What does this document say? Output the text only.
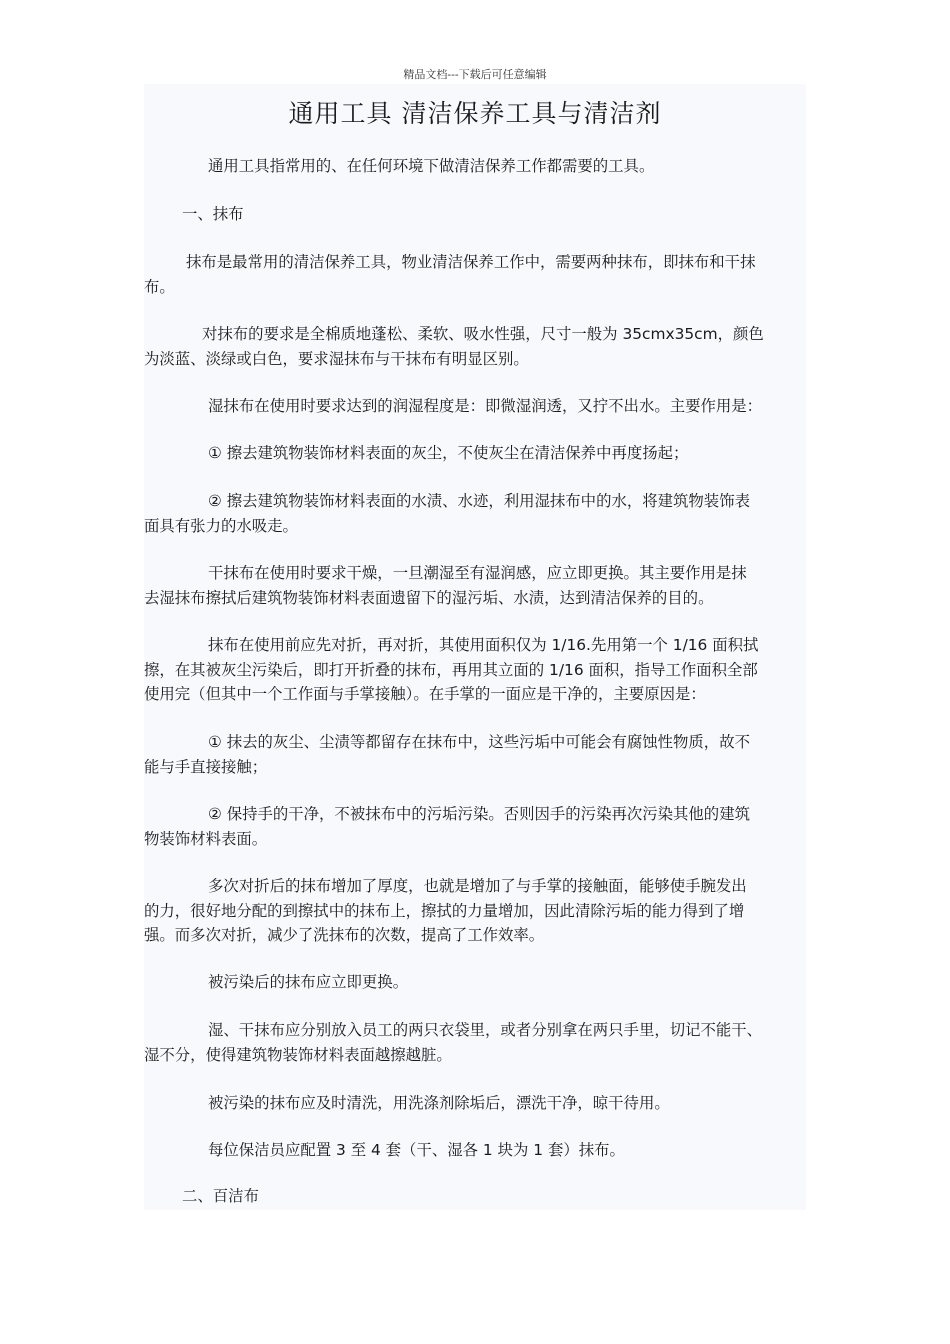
精品文档---下载后可任意编辑
通用工具 清洁保养工具与清洁剂
通用工具指常用的、在任何环境下做清洁保养工作都需要的工具。
一、抹布
抹布是最常用的清洁保养工具，物业清洁保养工作中，需要两种抹布，即抹布和干抹
布。
对抹布的要求是全棉质地蓬松、柔软、吸水性强，尺寸一般为 35cmx35cm，颜色
为淡蓝、淡绿或白色，要求湿抹布与干抹布有明显区别。
湿抹布在使用时要求达到的润湿程度是：即微湿润透，又拧不出水。主要作用是：
① 擦去建筑物装饰材料表面的灰尘，不使灰尘在清洁保养中再度扬起；
② 擦去建筑物装饰材料表面的水渍、水迹，利用湿抹布中的水，将建筑物装饰表
面具有张力的水吸走。
干抹布在使用时要求干燥，一旦潮湿至有湿润感，应立即更换。其主要作用是抹
去湿抹布擦拭后建筑物装饰材料表面遗留下的湿污垢、水渍，达到清洁保养的目的。
抹布在使用前应先对折，再对折，其使用面积仅为 1/16.先用第一个 1/16 面积拭
擦，在其被灰尘污染后，即打开折叠的抹布，再用其立面的 1/16 面积，指导工作面积全部
使用完（但其中一个工作面与手掌接触）。在手掌的一面应是干净的，主要原因是：
① 抹去的灰尘、尘渍等都留存在抹布中，这些污垢中可能会有腐蚀性物质，故不
能与手直接接触；
② 保持手的干净，不被抹布中的污垢污染。否则因手的污染再次污染其他的建筑
物装饰材料表面。
多次对折后的抹布增加了厚度，也就是增加了与手掌的接触面，能够使手腕发出
的力，很好地分配的到擦拭中的抹布上，擦拭的力量增加，因此清除污垢的能力得到了增
强。而多次对折，减少了洗抹布的次数，提高了工作效率。
被污染后的抹布应立即更换。
湿、干抹布应分别放入员工的两只衣袋里，或者分别拿在两只手里，切记不能干、
湿不分，使得建筑物装饰材料表面越擦越脏。
被污染的抹布应及时清洗，用洗涤剂除垢后，漂洗干净，晾干待用。
每位保洁员应配置 3 至 4 套（干、湿各 1 块为 1 套）抹布。
二、百洁布
